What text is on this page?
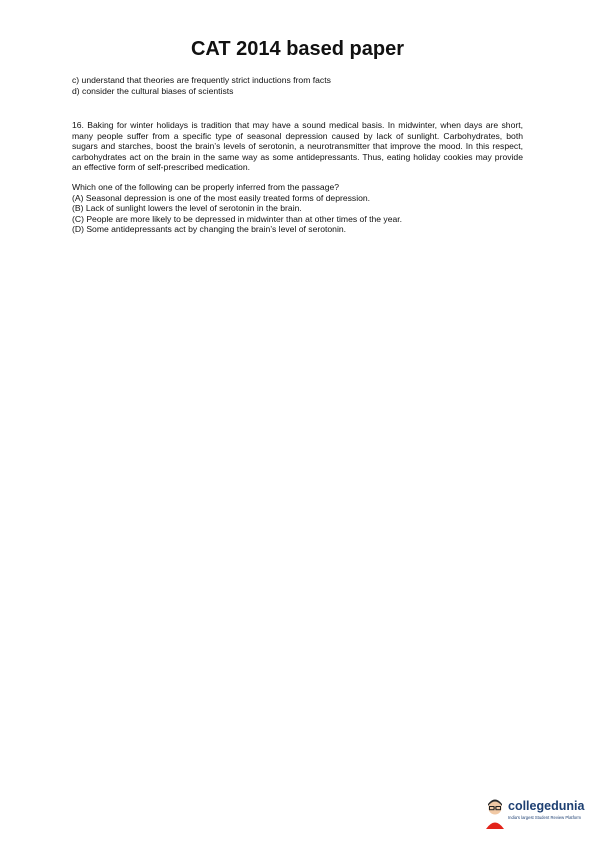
CAT 2014 based paper
c) understand that theories are frequently strict inductions from facts
d) consider the cultural biases of scientists

16. Baking for winter holidays is tradition that may have a sound medical basis. In midwinter, when days are short, many people suffer from a specific type of seasonal depression caused by lack of sunlight. Carbohydrates, both sugars and starches, boost the brain’s levels of serotonin, a neurotransmitter that improve the mood. In this respect, carbohydrates act on the brain in the same way as some antidepressants. Thus, eating holiday cookies may provide an effective form of self-prescribed medication.

Which one of the following can be properly inferred from the passage?

(A) Seasonal depression is one of the most easily treated forms of depression.
(B) Lack of sunlight lowers the level of serotonin in the brain.
(C) People are more likely to be depressed in midwinter than at other times of the year.
(D) Some antidepressants act by changing the brain’s level of serotonin.
collegedunia
India's largest Student Review Platform
